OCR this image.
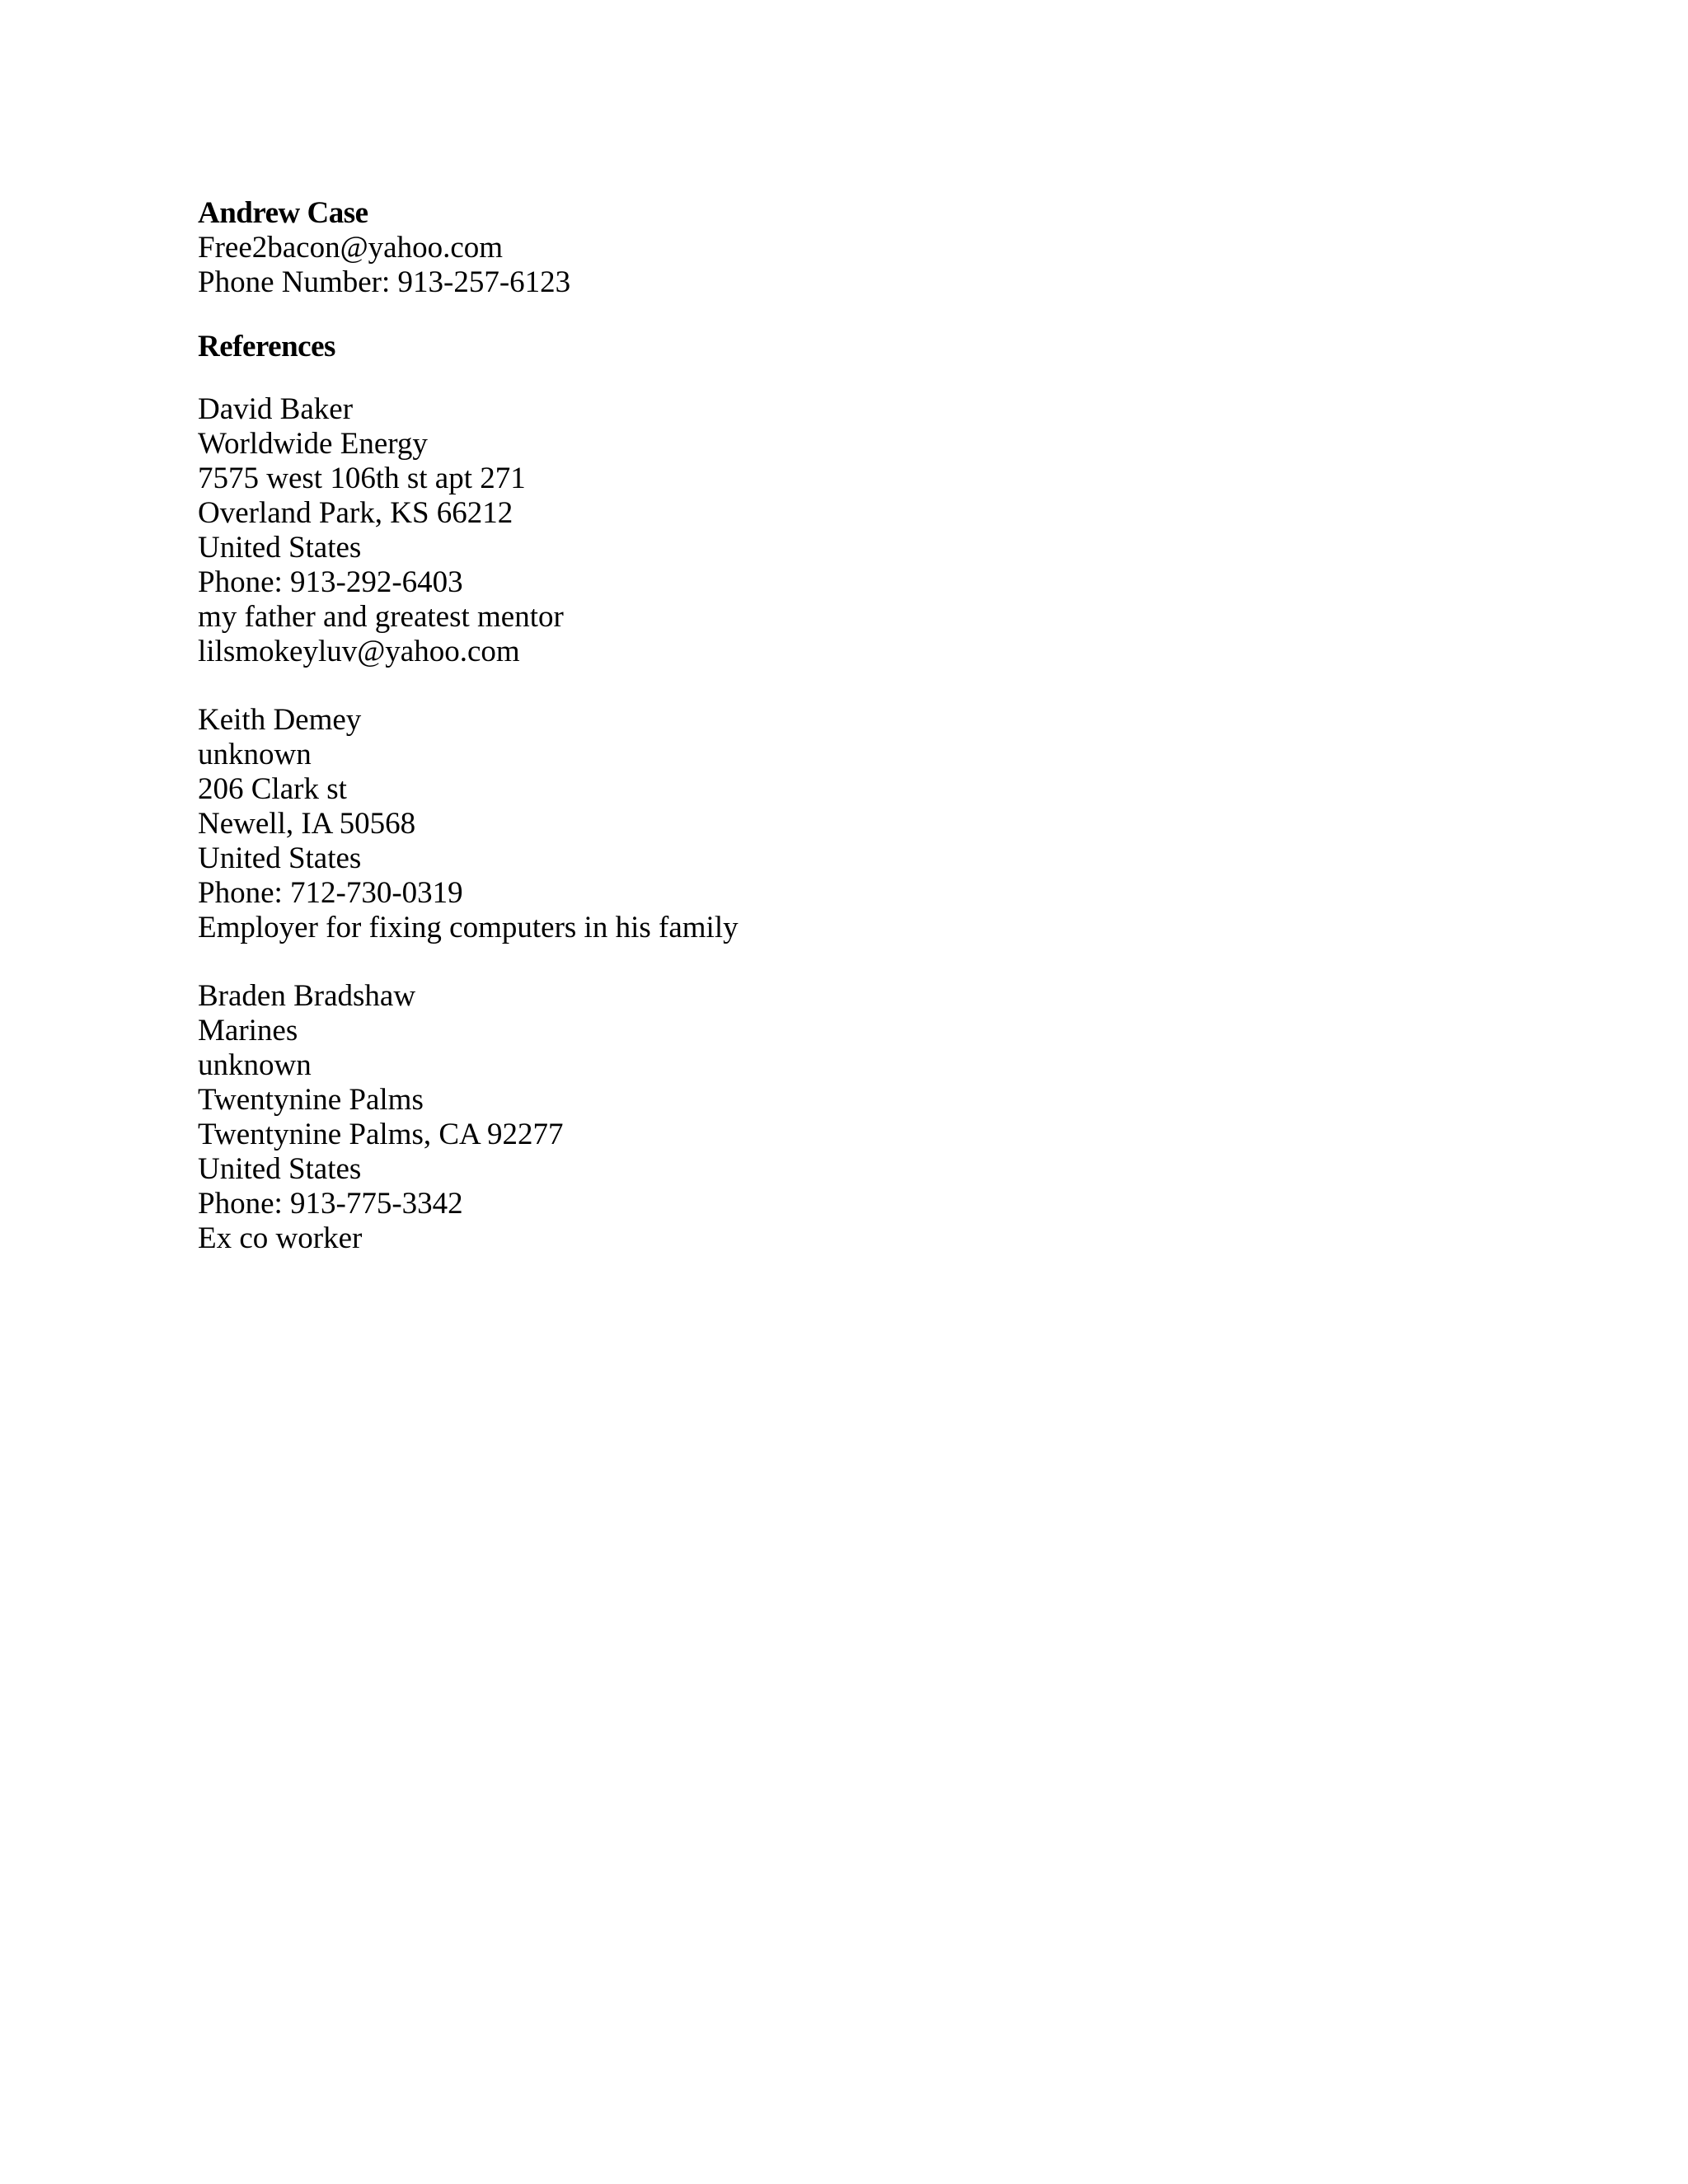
Andrew Case
Free2bacon@yahoo.com
Phone Number: 913-257-6123
References
David Baker
Worldwide Energy
7575 west 106th st apt 271
Overland Park, KS 66212
United States
Phone: 913-292-6403
my father and greatest mentor
lilsmokeyluv@yahoo.com
Keith Demey
unknown
206 Clark st
Newell, IA 50568
United States
Phone: 712-730-0319
Employer for fixing computers in his family
Braden Bradshaw
Marines
unknown
Twentynine Palms
Twentynine Palms, CA 92277
United States
Phone: 913-775-3342
Ex co worker
